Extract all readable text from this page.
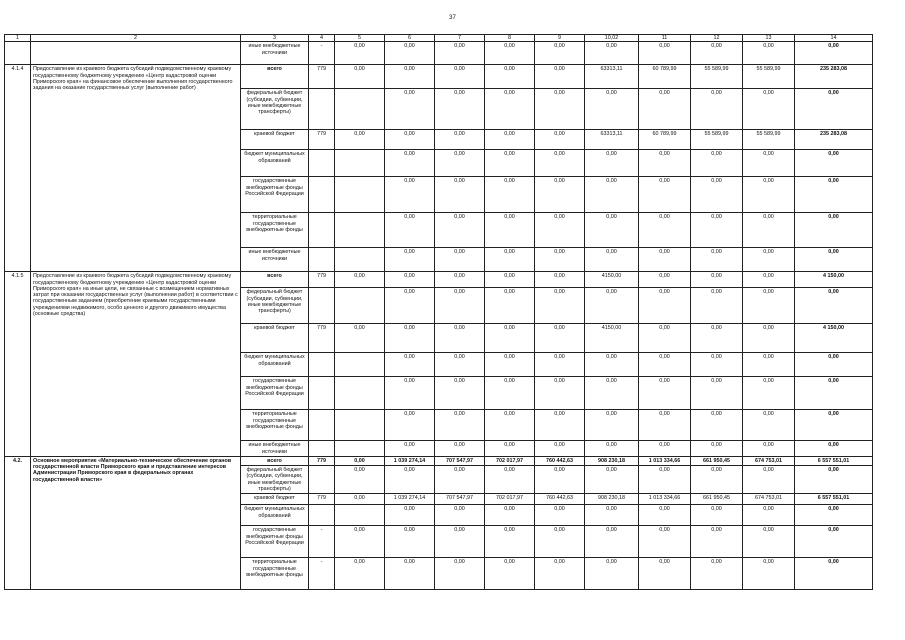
37
1	2	3	4	5	6	7	8	9	10,02	11	12	13	14
		иные внебюджетные источники	-	0,00	0,00	0,00	0,00	0,00	0,00	0,00	0,00	0,00	0,00
4.1.4	Предоставление из краевого бюджета субсидий подведомственному краевому государственному бюджетному учреждению «Центр кадастровой оценки Приморского края» на финансовое обеспечение выполнения государственного задания на оказание государственных услуг (выполнение работ)	всего	779	0,00	0,00	0,00	0,00	0,00	63313,11	60 789,99	55 589,99	55 589,99	235 283,08
		федеральный бюджет (субсидии, субвенции, иные межбюджетные трансферты)			0,00	0,00	0,00	0,00	0,00	0,00	0,00	0,00	0,00
		краевой бюджет	779	0,00	0,00	0,00	0,00	0,00	63313,11	60 789,99	55 589,99	55 589,99	235 283,08
		бюджет муниципальных образований			0,00	0,00	0,00	0,00	0,00	0,00	0,00	0,00	0,00
		государственные внебюджетные фонды Российской Федерации			0,00	0,00	0,00	0,00	0,00	0,00	0,00	0,00	0,00
		территориальные государственные внебюджетные фонды			0,00	0,00	0,00	0,00	0,00	0,00	0,00	0,00	0,00
		иные внебюджетные источники			0,00	0,00	0,00	0,00	0,00	0,00	0,00	0,00	0,00
4.1.5	Предоставление из краевого бюджета субсидий подведомственному краевому государственному бюджетному учреждению «Центр кадастровой оценки Приморского края» на иные цели, не связанные с возмещением нормативных затрат при оказании государственных услуг (выполнении работ) в соответствии с государственным заданием (приобретение краевыми государственными учреждениями недвижимого, особо ценного и другого движимого имущества (основные средства)	всего	779	0,00	0,00	0,00	0,00	0,00	4150,00	0,00	0,00	0,00	4 150,00
		федеральный бюджет (субсидии, субвенции, иные межбюджетные трансферты)			0,00	0,00	0,00	0,00	0,00	0,00	0,00	0,00	0,00
		краевой бюджет	779	0,00	0,00	0,00	0,00	0,00	4150,00	0,00	0,00	0,00	4 150,00
		бюджет муниципальных образований			0,00	0,00	0,00	0,00	0,00	0,00	0,00	0,00	0,00
		государственные внебюджетные фонды Российской Федерации			0,00	0,00	0,00	0,00	0,00	0,00	0,00	0,00	0,00
		территориальные государственные внебюджетные фонды			0,00	0,00	0,00	0,00	0,00	0,00	0,00	0,00	0,00
		иные внебюджетные источники			0,00	0,00	0,00	0,00	0,00	0,00	0,00	0,00	0,00
4.2.	Основное мероприятие «Материально-техническое обеспечение органов государственной власти Приморского края и представление интересов Администрации Приморского края в федеральных органах государственной власти»	всего	779	0,00	1 039 274,14	707 547,97	702 017,97	760 442,63	908 230,18	1 013 334,66	661 950,45	674 753,01	6 557 551,01
		федеральный бюджет (субсидии, субвенции, иные межбюджетные трансферты)		0,00	0,00	0,00	0,00	0,00	0,00	0,00	0,00	0,00	0,00
		краевой бюджет	779	0,00	1 039 274,14	707 547,97	702 017,97	760 442,63	908 230,18	1 013 334,66	661 950,45	674 753,01	6 557 551,01
		бюджет муниципальных образований			0,00	0,00	0,00	0,00	0,00	0,00	0,00	0,00	0,00
		государственные внебюджетные фонды Российской Федерации	-	0,00	0,00	0,00	0,00	0,00	0,00	0,00	0,00	0,00	0,00
		территориальные государственные внебюджетные фонды	-	0,00	0,00	0,00	0,00	0,00	0,00	0,00	0,00	0,00	0,00
